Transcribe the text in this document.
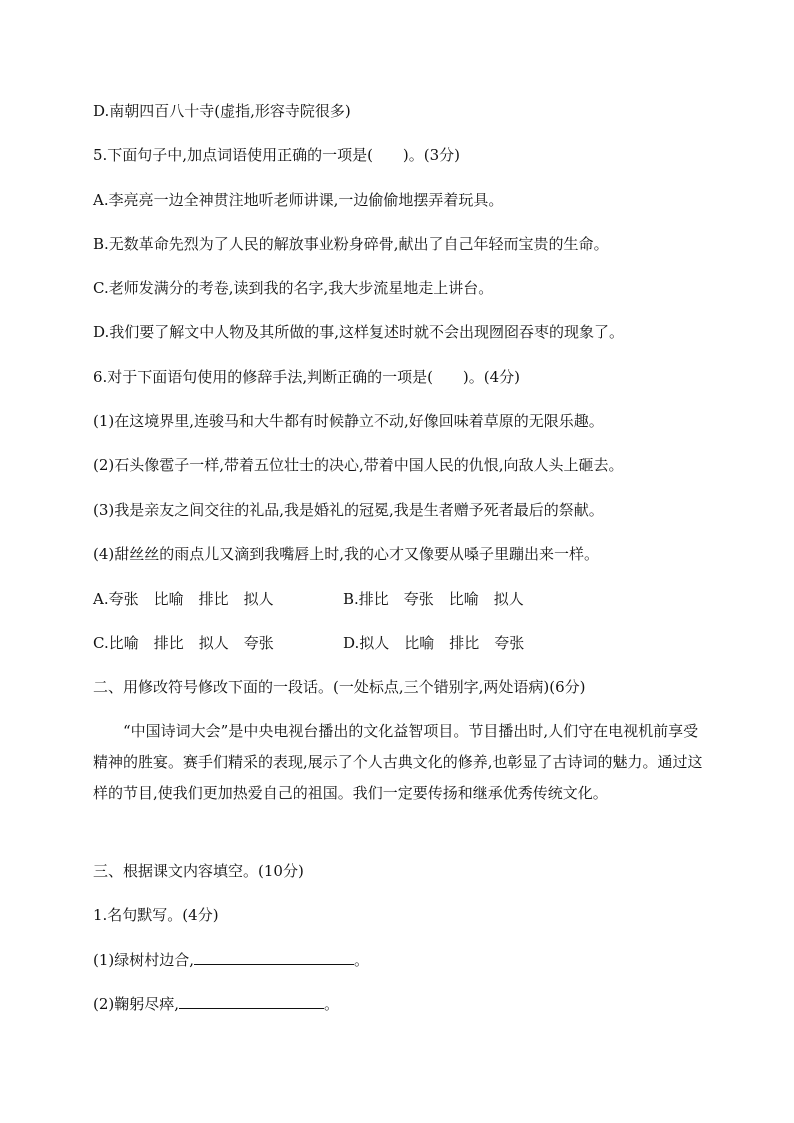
D.南朝四百八十寺(虚指,形容寺院很多)
5.下面句子中,加点词语使用正确的一项是(　　)。(3分)
A.李亮亮一边全神贯注地听老师讲课,一边偷偷地摆弄着玩具。
B.无数革命先烈为了人民的解放事业粉身碎骨,献出了自己年轻而宝贵的生命。
C.老师发满分的考卷,读到我的名字,我大步流星地走上讲台。
D.我们要了解文中人物及其所做的事,这样复述时就不会出现囫囵吞枣的现象了。
6.对于下面语句使用的修辞手法,判断正确的一项是(　　)。(4分)
(1)在这境界里,连骏马和大牛都有时候静立不动,好像回味着草原的无限乐趣。
(2)石头像雹子一样,带着五位壮士的决心,带着中国人民的仇恨,向敌人头上砸去。
(3)我是亲友之间交往的礼品,我是婚礼的冠冕,我是生者赠予死者最后的祭献。
(4)甜丝丝的雨点儿又滴到我嘴唇上时,我的心才又像要从嗓子里蹦出来一样。
A.夸张　比喻　排比　拟人	B.排比　夸张　比喻　拟人
C.比喻　排比　拟人　夸张	D.拟人　比喻　排比　夸张
二、用修改符号修改下面的一段话。(一处标点,三个错别字,两处语病)(6分)
“中国诗词大会”是中央电视台播出的文化益智项目。节目播出时,人们守在电视机前享受精神的胜宴。赛手们精采的表现,展示了个人古典文化的修养,也彰显了古诗词的魅力。通过这样的节目,使我们更加热爱自己的祖国。我们一定要传扬和继承优秀传统文化。
三、根据课文内容填空。(10分)
1.名句默写。(4分)
(1)绿树村边合,	。
(2)鞠躬尽瘁,	。
